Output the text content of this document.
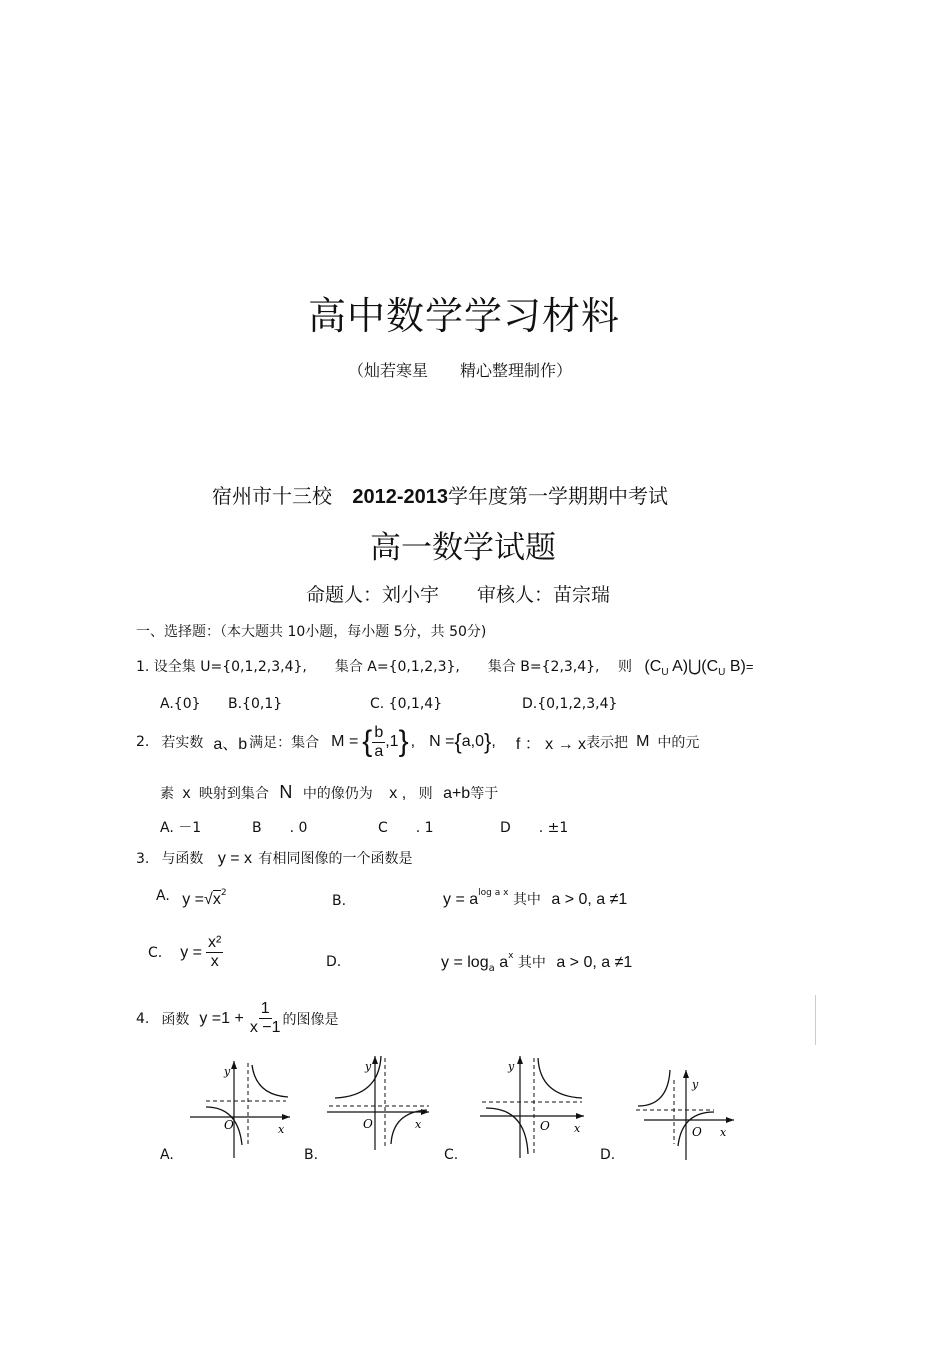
高中数学学习材料
（灿若寒星　　精心整理制作）
宿州市十三校 2012-2013学年度第一学期期中考试
高一数学试题
命题人：刘小宇　　审核人：苗宗瑞
一、选择题：（本大题共 10小题，每小题 5分，共 50分)
1. 设全集 U={0,1,2,3,4},　　集合 A={0,1,2,3},　　集合 B={2,3,4},　 则 ($C_U$ $A)⋃(C_U$ B)=
A.{0} B.{0,1}	C. {0,1,4}	D.{0,1,2,3,4}
2. 若实数 a、b 满足：集合 M = { $\frac{b}{a} ,1$ } , N = { a,0 } , f ： x → x 表示把 M 中的元
素 x 映射到集合 N 中的像仍为 x , 则 a+b等于
A. －1	B　　. 0	C　　. 1	D　　. ±1
3. 与函数 y = x 有相同图像的一个函数是
A. $y =√x^2$	B.	$y = a^{log a x}$ 其中 a > 0, a ≠1
C. $y = \frac{\text{x²}}{x}$	D.	$y = \log_a a^x$ 其中 a > 0, a ≠1
4. 函数 $y =1 + \frac{1}{x -1}$ 的图像是
y
x
O
A.
y
x
O
B.
y
x
O
C.
y
x
O
D.
